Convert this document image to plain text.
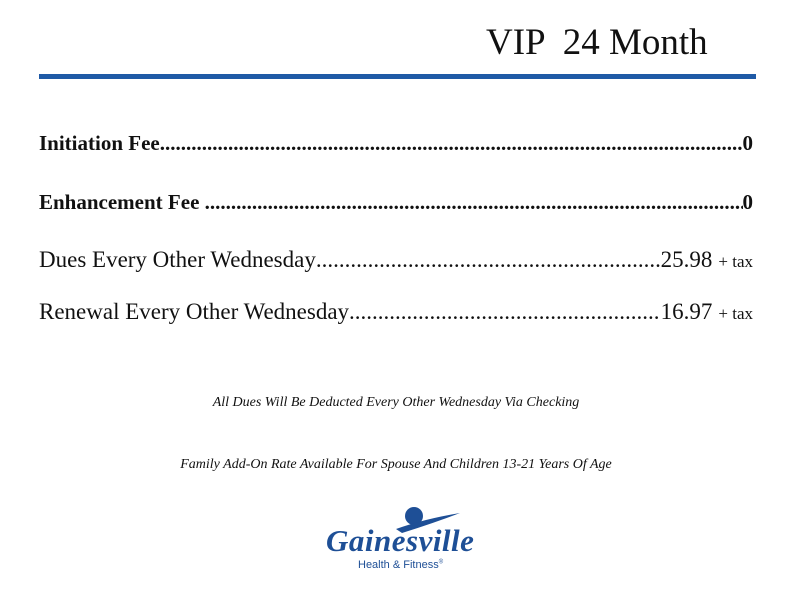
VIP  24 Month
Initiation Fee .....	0
Enhancement Fee .....	0
Dues Every Other Wednesday .....	25.98 + tax
Renewal Every Other Wednesday .....	16.97 + tax
All Dues Will Be Deducted Every Other Wednesday Via Checking
Family Add-On Rate Available For Spouse And Children 13-21 Years Of Age
Gainesville
Health & Fitness®
